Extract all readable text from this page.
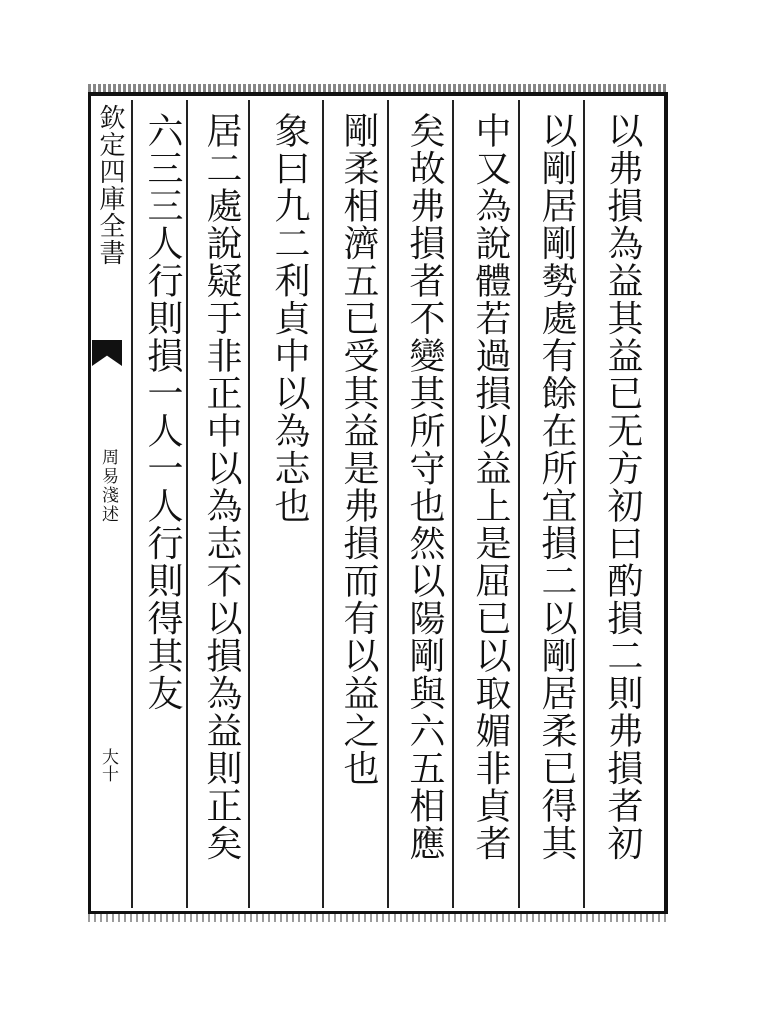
欽定四庫全書
周易淺述
大十	以弗損為益其益已无方初曰酌損二則弗損者初
以剛居剛勢處有餘在所宜損二以剛居柔已得其
中又為說體若過損以益上是屈已以取媚非貞者
矣故弗損者不變其所守也然以陽剛與六五相應
剛柔相濟五已受其益是弗損而有以益之也
象曰九二利貞中以為志也
居二處說疑于非正中以為志不以損為益則正矣
六三三人行則損一人一人行則得其友
